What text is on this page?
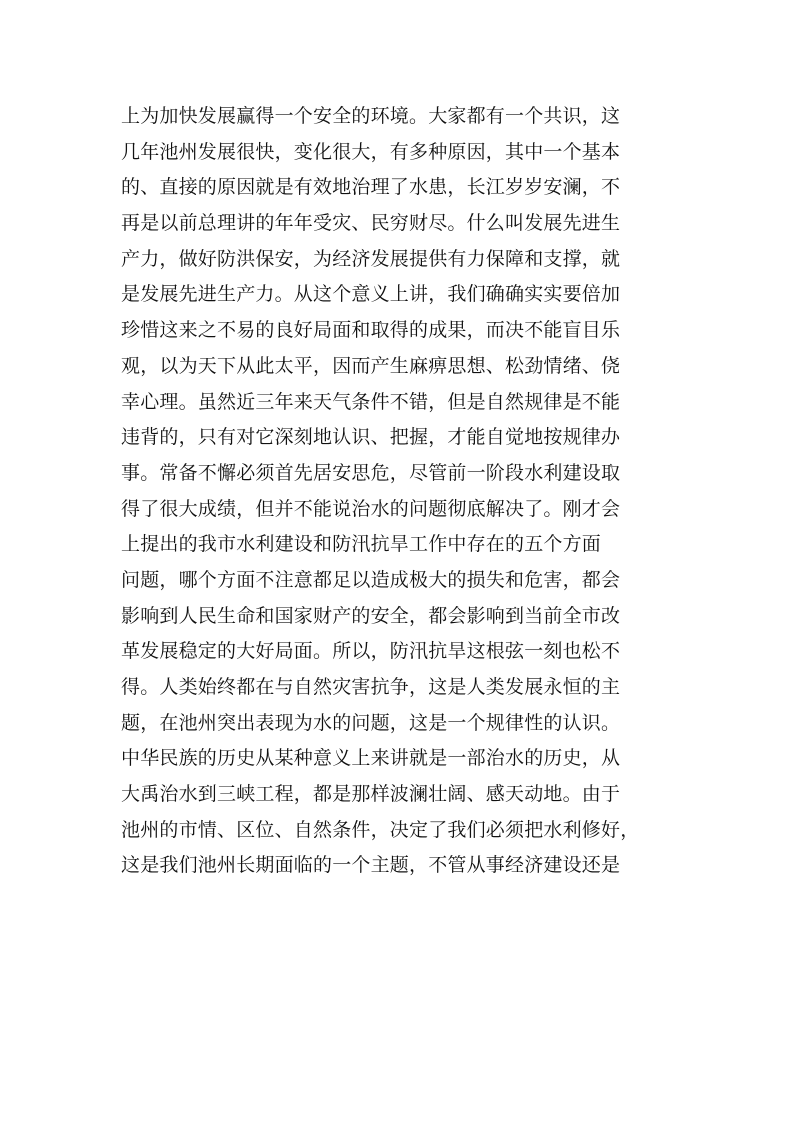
上为加快发展赢得一个安全的环境。大家都有一个共识，这
几年池州发展很快，变化很大，有多种原因，其中一个基本
的、直接的原因就是有效地治理了水患，长江岁岁安澜，不
再是以前总理讲的年年受灾、民穷财尽。什么叫发展先进生
产力，做好防洪保安，为经济发展提供有力保障和支撑，就
是发展先进生产力。从这个意义上讲，我们确确实实要倍加
珍惜这来之不易的良好局面和取得的成果，而决不能盲目乐
观，以为天下从此太平，因而产生麻痹思想、松劲情绪、侥
幸心理。虽然近三年来天气条件不错，但是自然规律是不能
违背的，只有对它深刻地认识、把握，才能自觉地按规律办
事。常备不懈必须首先居安思危，尽管前一阶段水利建设取
得了很大成绩，但并不能说治水的问题彻底解决了。刚才会
上提出的我市水利建设和防汛抗旱工作中存在的五个方面
问题，哪个方面不注意都足以造成极大的损失和危害，都会
影响到人民生命和国家财产的安全，都会影响到当前全市改
革发展稳定的大好局面。所以，防汛抗旱这根弦一刻也松不
得。人类始终都在与自然灾害抗争，这是人类发展永恒的主
题，在池州突出表现为水的问题，这是一个规律性的认识。
中华民族的历史从某种意义上来讲就是一部治水的历史，从
大禹治水到三峡工程，都是那样波澜壮阔、感天动地。由于
池州的市情、区位、自然条件，决定了我们必须把水利修好，
这是我们池州长期面临的一个主题，不管从事经济建设还是
